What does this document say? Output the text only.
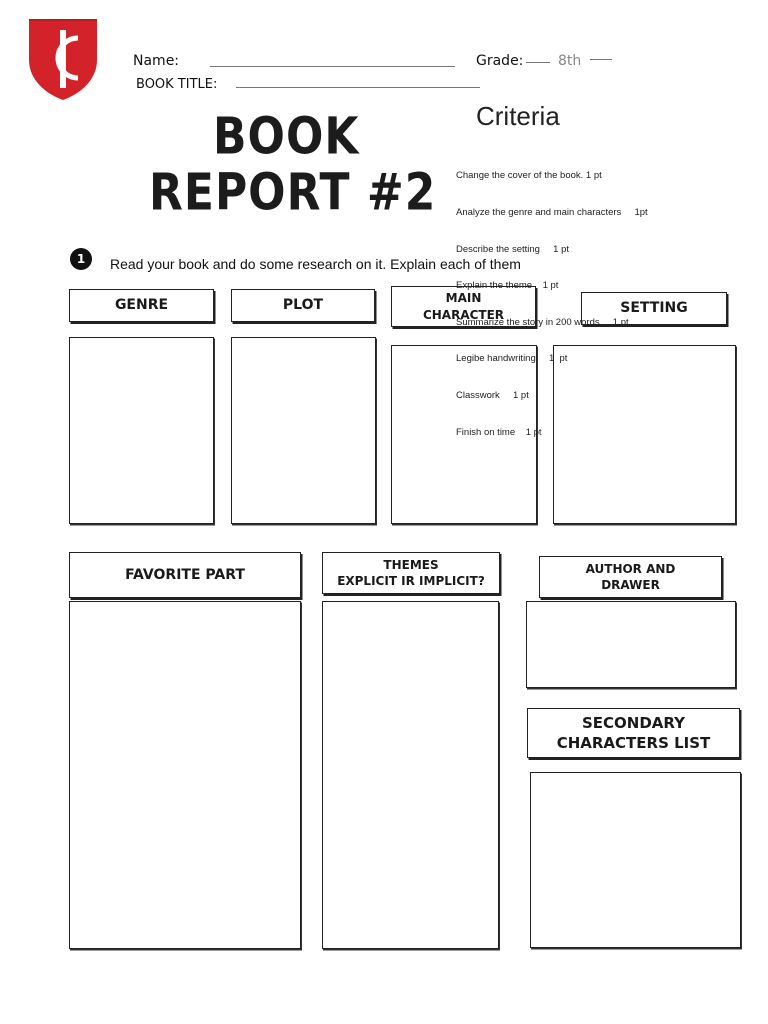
Name:	Grade: 8th
BOOK TITLE:
BOOK
REPORT #2
Criteria

Change the cover of the book. 1 pt

Analyze the genre and main characters     1pt

Describe the setting     1 pt

Explain the theme    1 pt

Summarize the story in 200 words     1 pt

Legibe handwriting     1  pt

Classwork     1 pt

Finish on time    1 pt

1	Read your book and do some research on it. Explain each of them
GENRE	PLOT	MAIN
CHARACTER	SETTING
FAVORITE PART
THEMES
EXPLICIT IR IMPLICIT?
AUTHOR AND
DRAWER
SECONDARY
CHARACTERS LIST
